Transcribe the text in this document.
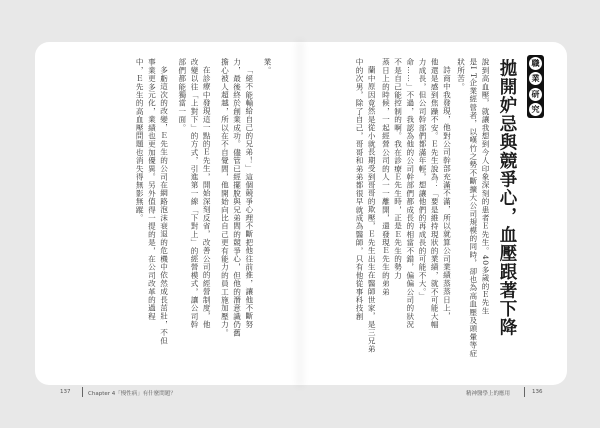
職
業
研
究
拋開妒忌與競爭心，血壓跟著下降
說到高血壓，就讓我想到今人印象深刻的患者Ｅ先生。40多歲的Ｅ先生
是I T企業經營者，以嘆竹之勢不斷擴大公司規模的同時，卻也為高血壓及頭暈等症
狀所苦。
詩商中我發現，他對公司幹部充滿不滿，所以就算公司業績蒸蒸日上，
他還是感到焦躁不安。Ｅ先生說為：「要是維持現狀的業績，就不可能大幅
力成長，但公司幹部們都滿年輕，想讓他們的再成長的可能不大。」
命……」不過，我認為他的公司幹部們都成長的相當不錯，偏偏公司的狀況
不是自己能控制的啊。我在診療Ｅ先生時，正是Ｅ先生的勢力
蒸日上的時候，一起經營公司的人一一離開，還發現Ｅ先生的弟弟
蘭中原因竟然是從小就長期受到哥哥的欺壓，Ｅ先生出生在醫師世家，是三兄弟
中的次男，除了自己，哥哥和弟弟都很早就成為醫師，只有他從事科技創
業。
「絕不能輸給自己的兄弟！」這個競爭心理不斷把他往前推，讓他不斷努
力，最後終於創業成功。儘管已經擺脫與兄弟間的競爭心，但他的潛意識仍舊
擔心被人超越，所以在不自覺間，他開始向比自己更有能力的員工施加壓力。
在診療中發現這一點的Ｅ先生，開始深刻反省，改善公司的經營制度，他
改變以往「上對下」的方式，引進第一線「下對上」的經營模式，讓公司幹
部們都能獨當一面。
多虧這次的改變，Ｅ先生的公司在網路泡沫衰退的危機中依然成長茁壯，不但
事業更多元化，業績也更加優異。另外值得一提的是，在公司改革的過程
中，Ｅ先生的高血壓問題也消失得無影無蹤。
137	Chapter 4「慢性病」有什麼問題？	精神醫學上的應用	136
